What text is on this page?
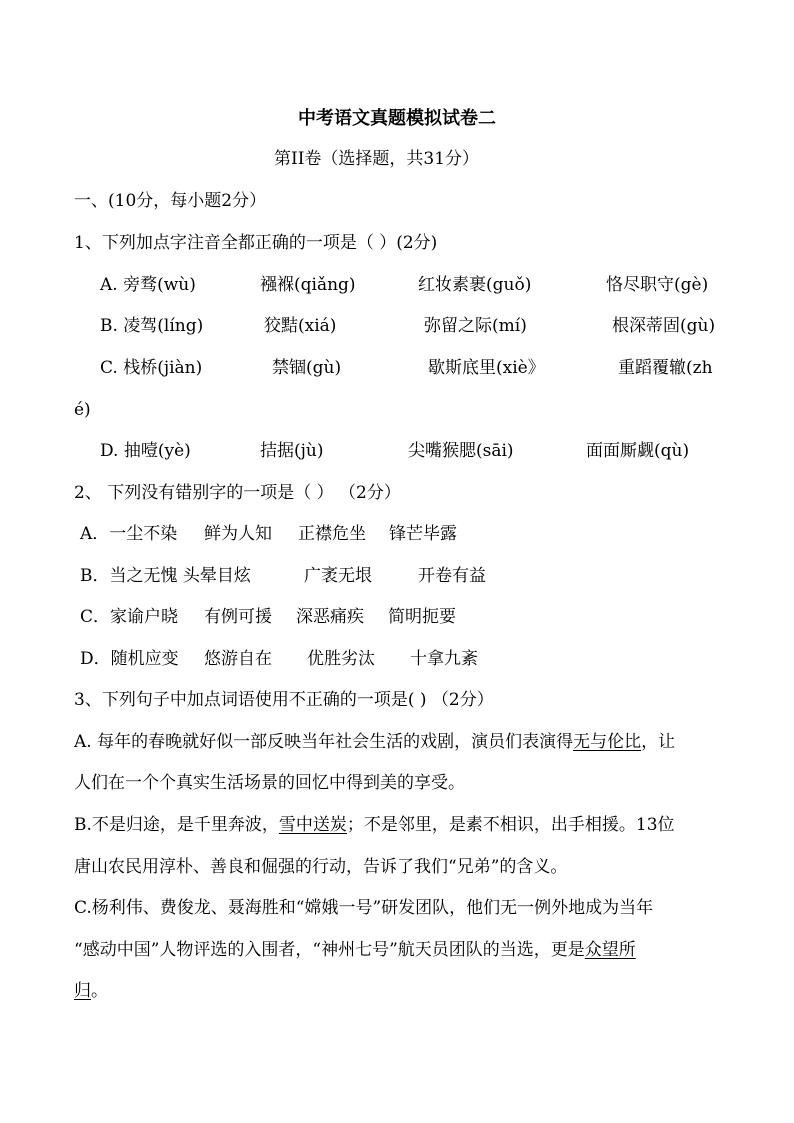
中考语文真题模拟试卷二
第II卷（选择题，共31分）
一、(10分，每小题2分）
1、下列加点字注音全都正确的一项是（ ）(2分)
A. 旁骛(wù)	襁褓(qiǎng)	红妆素裹(guǒ)	恪尽职守(gè)
B. 凌驾(líng)	狡黠(xiá)	弥留之际(mí)	根深蒂固(gù)
C. 栈桥(jiàn)	禁锢(gù)	歇斯底里(xiè》	重蹈覆辙(zh
é)
D. 抽噎(yè)	拮据(jù)	尖嘴猴腮(sāi)	面面厮觑(qù)
2、 下列没有错别字的一项是（ ） （2分）
A．一尘不染 鲜为人知 正襟危坐 锋芒毕露
B．当之无愧 头晕目炫	广袤无垠	开卷有益
C．家谕户晓 有例可援 深恶痛疾 简明扼要
D．随机应变 悠游自在 优胜劣汰 十拿九紊
3、下列句子中加点词语使用不正确的一项是( ) （2分）
A. 每年的春晚就好似一部反映当年社会生活的戏剧，演员们表演得无与伦比，让
人们在一个个真实生活场景的回忆中得到美的享受。
B.不是归途，是千里奔波，雪中送炭；不是邻里，是素不相识，出手相援。13位
唐山农民用淳朴、善良和倔强的行动，告诉了我们“兄弟”的含义。
C.杨利伟、费俊龙、聂海胜和“嫦娥一号”研发团队，他们无一例外地成为当年
“感动中国”人物评选的入围者，“神州七号”航天员团队的当选，更是众望所
归。
